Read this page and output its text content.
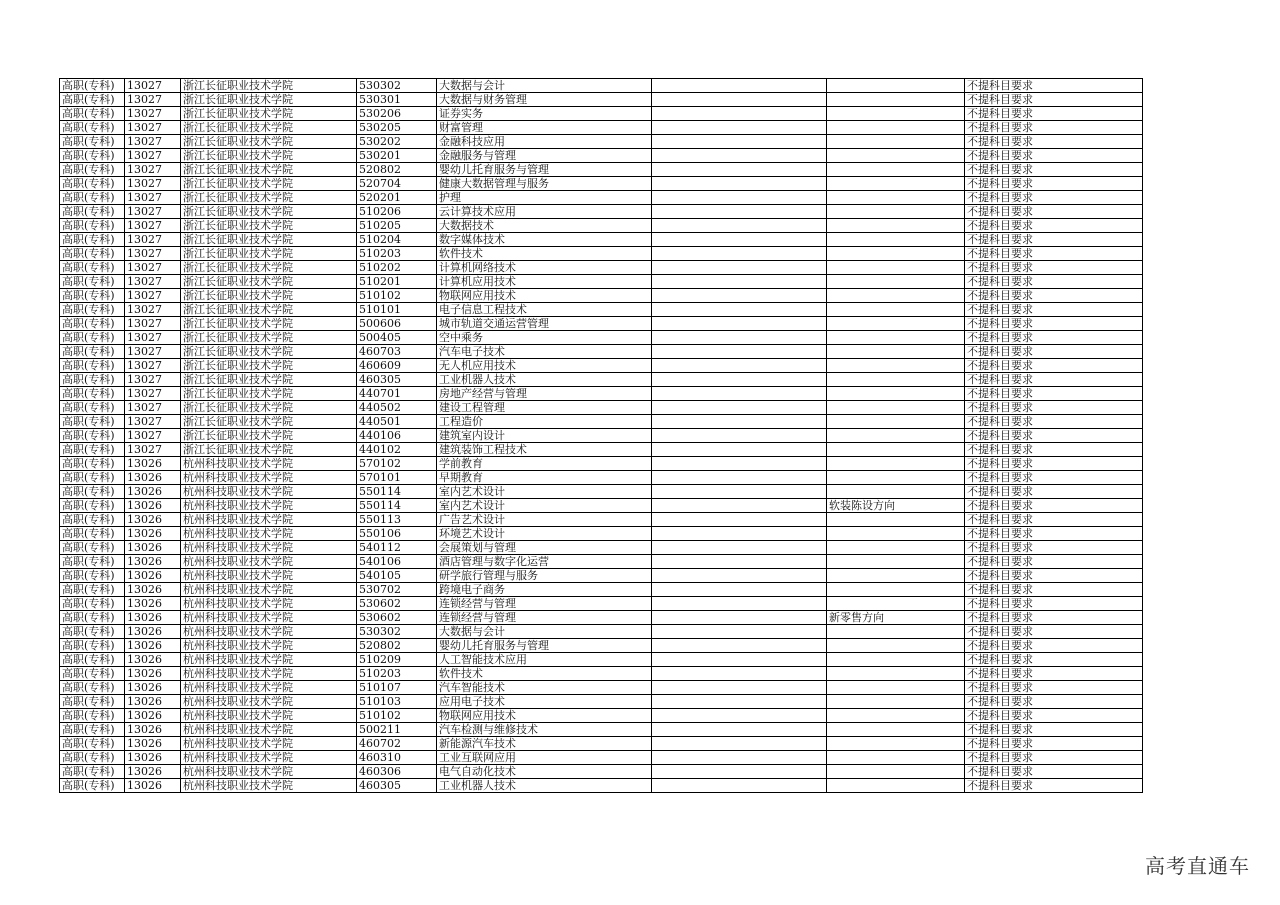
高职(专科)	13027	浙江长征职业技术学院	530302	大数据与会计			不提科目要求
高职(专科)	13027	浙江长征职业技术学院	530301	大数据与财务管理			不提科目要求
高职(专科)	13027	浙江长征职业技术学院	530206	证券实务			不提科目要求
高职(专科)	13027	浙江长征职业技术学院	530205	财富管理			不提科目要求
高职(专科)	13027	浙江长征职业技术学院	530202	金融科技应用			不提科目要求
高职(专科)	13027	浙江长征职业技术学院	530201	金融服务与管理			不提科目要求
高职(专科)	13027	浙江长征职业技术学院	520802	婴幼儿托育服务与管理			不提科目要求
高职(专科)	13027	浙江长征职业技术学院	520704	健康大数据管理与服务			不提科目要求
高职(专科)	13027	浙江长征职业技术学院	520201	护理			不提科目要求
高职(专科)	13027	浙江长征职业技术学院	510206	云计算技术应用			不提科目要求
高职(专科)	13027	浙江长征职业技术学院	510205	大数据技术			不提科目要求
高职(专科)	13027	浙江长征职业技术学院	510204	数字媒体技术			不提科目要求
高职(专科)	13027	浙江长征职业技术学院	510203	软件技术			不提科目要求
高职(专科)	13027	浙江长征职业技术学院	510202	计算机网络技术			不提科目要求
高职(专科)	13027	浙江长征职业技术学院	510201	计算机应用技术			不提科目要求
高职(专科)	13027	浙江长征职业技术学院	510102	物联网应用技术			不提科目要求
高职(专科)	13027	浙江长征职业技术学院	510101	电子信息工程技术			不提科目要求
高职(专科)	13027	浙江长征职业技术学院	500606	城市轨道交通运营管理			不提科目要求
高职(专科)	13027	浙江长征职业技术学院	500405	空中乘务			不提科目要求
高职(专科)	13027	浙江长征职业技术学院	460703	汽车电子技术			不提科目要求
高职(专科)	13027	浙江长征职业技术学院	460609	无人机应用技术			不提科目要求
高职(专科)	13027	浙江长征职业技术学院	460305	工业机器人技术			不提科目要求
高职(专科)	13027	浙江长征职业技术学院	440701	房地产经营与管理			不提科目要求
高职(专科)	13027	浙江长征职业技术学院	440502	建设工程管理			不提科目要求
高职(专科)	13027	浙江长征职业技术学院	440501	工程造价			不提科目要求
高职(专科)	13027	浙江长征职业技术学院	440106	建筑室内设计			不提科目要求
高职(专科)	13027	浙江长征职业技术学院	440102	建筑装饰工程技术			不提科目要求
高职(专科)	13026	杭州科技职业技术学院	570102	学前教育			不提科目要求
高职(专科)	13026	杭州科技职业技术学院	570101	早期教育			不提科目要求
高职(专科)	13026	杭州科技职业技术学院	550114	室内艺术设计			不提科目要求
高职(专科)	13026	杭州科技职业技术学院	550114	室内艺术设计		软装陈设方向	不提科目要求
高职(专科)	13026	杭州科技职业技术学院	550113	广告艺术设计			不提科目要求
高职(专科)	13026	杭州科技职业技术学院	550106	环境艺术设计			不提科目要求
高职(专科)	13026	杭州科技职业技术学院	540112	会展策划与管理			不提科目要求
高职(专科)	13026	杭州科技职业技术学院	540106	酒店管理与数字化运营			不提科目要求
高职(专科)	13026	杭州科技职业技术学院	540105	研学旅行管理与服务			不提科目要求
高职(专科)	13026	杭州科技职业技术学院	530702	跨境电子商务			不提科目要求
高职(专科)	13026	杭州科技职业技术学院	530602	连锁经营与管理			不提科目要求
高职(专科)	13026	杭州科技职业技术学院	530602	连锁经营与管理		新零售方向	不提科目要求
高职(专科)	13026	杭州科技职业技术学院	530302	大数据与会计			不提科目要求
高职(专科)	13026	杭州科技职业技术学院	520802	婴幼儿托育服务与管理			不提科目要求
高职(专科)	13026	杭州科技职业技术学院	510209	人工智能技术应用			不提科目要求
高职(专科)	13026	杭州科技职业技术学院	510203	软件技术			不提科目要求
高职(专科)	13026	杭州科技职业技术学院	510107	汽车智能技术			不提科目要求
高职(专科)	13026	杭州科技职业技术学院	510103	应用电子技术			不提科目要求
高职(专科)	13026	杭州科技职业技术学院	510102	物联网应用技术			不提科目要求
高职(专科)	13026	杭州科技职业技术学院	500211	汽车检测与维修技术			不提科目要求
高职(专科)	13026	杭州科技职业技术学院	460702	新能源汽车技术			不提科目要求
高职(专科)	13026	杭州科技职业技术学院	460310	工业互联网应用			不提科目要求
高职(专科)	13026	杭州科技职业技术学院	460306	电气自动化技术			不提科目要求
高职(专科)	13026	杭州科技职业技术学院	460305	工业机器人技术			不提科目要求
高考直通车
